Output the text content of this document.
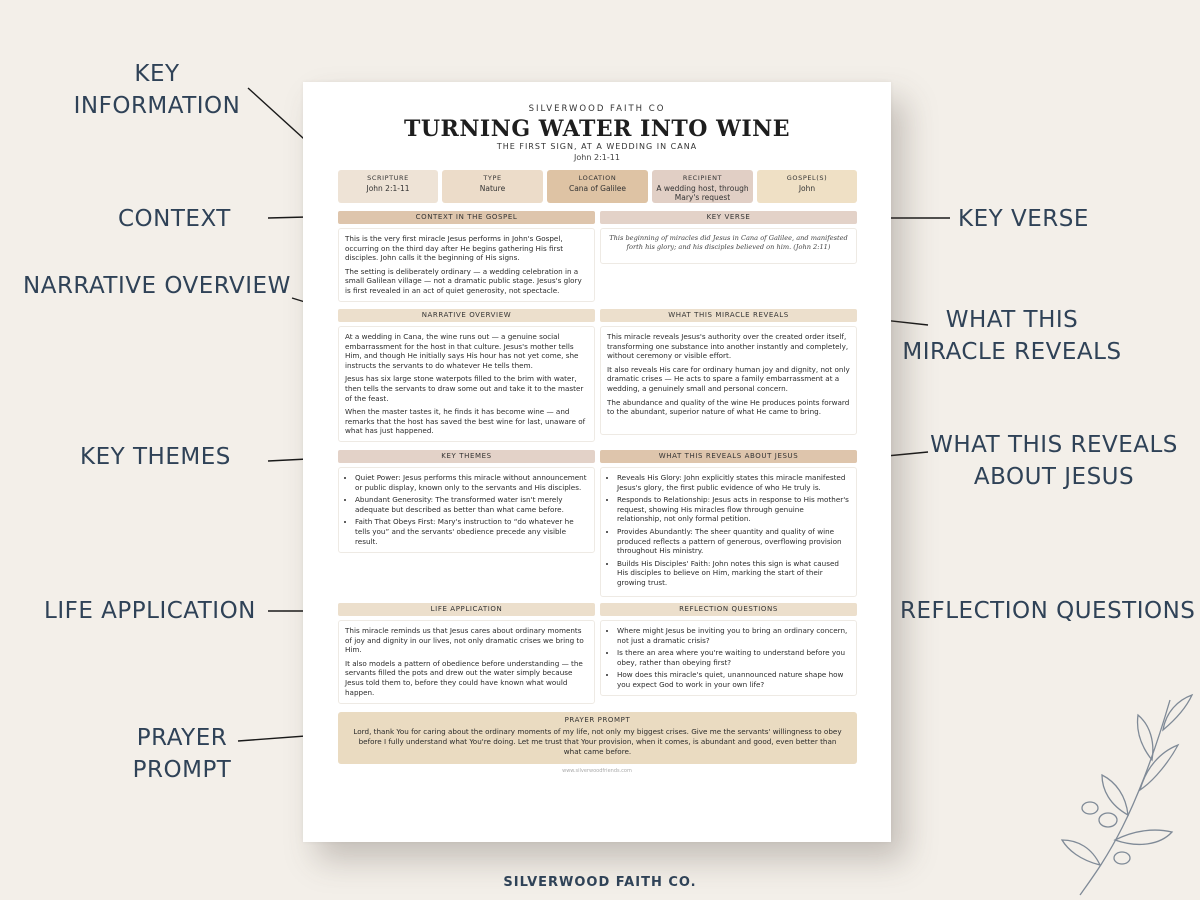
KEY
INFORMATION
CONTEXT
NARRATIVE OVERVIEW
KEY THEMES
LIFE APPLICATION
PRAYER
PROMPT
KEY VERSE
WHAT THIS
MIRACLE REVEALS
WHAT THIS REVEALS
ABOUT JESUS
REFLECTION QUESTIONS
SILVERWOOD FAITH CO
TURNING WATER INTO WINE
THE FIRST SIGN, AT A WEDDING IN CANA
John 2:1-11
SCRIPTURE
John 2:1-11
TYPE
Nature
LOCATION
Cana of Galilee
RECIPIENT
A wedding host, through Mary's request
GOSPEL(S)
John
CONTEXT IN THE GOSPEL

This is the very first miracle Jesus performs in John's Gospel, occurring on the third day after He begins gathering His first disciples. John calls it the beginning of His signs.

The setting is deliberately ordinary — a wedding celebration in a small Galilean village — not a dramatic public stage. Jesus's glory is first revealed in an act of quiet generosity, not spectacle.

KEY VERSE
This beginning of miracles did Jesus in Cana of Galilee, and manifested forth his glory; and his disciples believed on him. (John 2:11)
NARRATIVE OVERVIEW

At a wedding in Cana, the wine runs out — a genuine social embarrassment for the host in that culture. Jesus's mother tells Him, and though He initially says His hour has not yet come, she instructs the servants to do whatever He tells them.

Jesus has six large stone waterpots filled to the brim with water, then tells the servants to draw some out and take it to the master of the feast.

When the master tastes it, he finds it has become wine — and remarks that the host has saved the best wine for last, unaware of what has just happened.

WHAT THIS MIRACLE REVEALS

This miracle reveals Jesus's authority over the created order itself, transforming one substance into another instantly and completely, without ceremony or visible effort.

It also reveals His care for ordinary human joy and dignity, not only dramatic crises — He acts to spare a family embarrassment at a wedding, a genuinely small and personal concern.

The abundance and quality of the wine He produces points forward to the abundant, superior nature of what He came to bring.

KEY THEMES
• Quiet Power: Jesus performs this miracle without announcement or public display, known only to the servants and His disciples.
• Abundant Generosity: The transformed water isn't merely adequate but described as better than what came before.
• Faith That Obeys First: Mary's instruction to “do whatever he tells you” and the servants' obedience precede any visible result.
WHAT THIS REVEALS ABOUT JESUS
• Reveals His Glory: John explicitly states this miracle manifested Jesus's glory, the first public evidence of who He truly is.
• Responds to Relationship: Jesus acts in response to His mother's request, showing His miracles flow through genuine relationship, not only formal petition.
• Provides Abundantly: The sheer quantity and quality of wine produced reflects a pattern of generous, overflowing provision throughout His ministry.
• Builds His Disciples' Faith: John notes this sign is what caused His disciples to believe on Him, marking the start of their growing trust.
LIFE APPLICATION

This miracle reminds us that Jesus cares about ordinary moments of joy and dignity in our lives, not only dramatic crises we bring to Him.

It also models a pattern of obedience before understanding — the servants filled the pots and drew out the water simply because Jesus told them to, before they could have known what would happen.

REFLECTION QUESTIONS
• Where might Jesus be inviting you to bring an ordinary concern, not just a dramatic crisis?
• Is there an area where you're waiting to understand before you obey, rather than obeying first?
• How does this miracle's quiet, unannounced nature shape how you expect God to work in your own life?
PRAYER PROMPT
Lord, thank You for caring about the ordinary moments of my life, not only my biggest crises. Give me the servants' willingness to obey before I fully understand what You're doing. Let me trust that Your provision, when it comes, is abundant and good, even better than what came before.
www.silverwoodfriends.com
SILVERWOOD FAITH CO.
